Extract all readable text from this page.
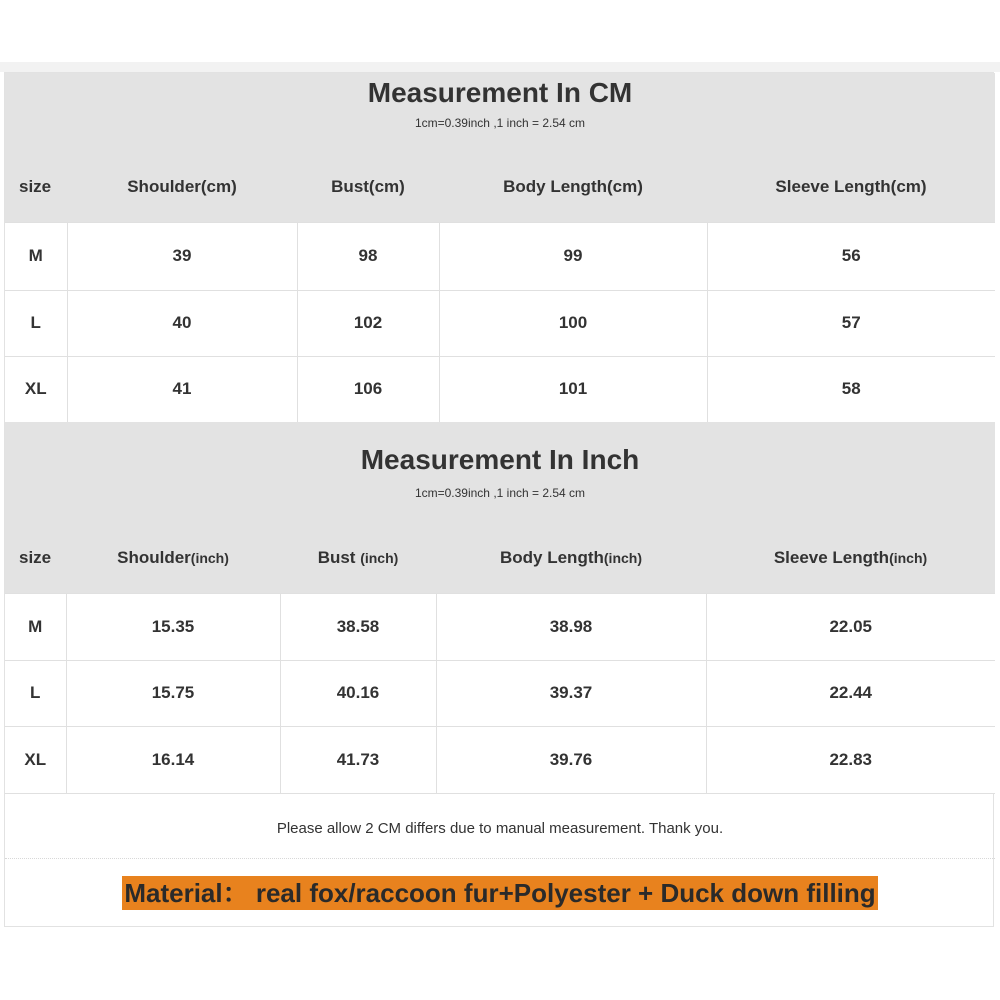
Measurement In CM
1cm=0.39inch ,1 inch = 2.54 cm
size	Shoulder(cm)	Bust(cm)	Body Length(cm)	Sleeve Length(cm)
M	39	98	99	56
L	40	102	100	57
XL	41	106	101	58
Measurement In Inch
1cm=0.39inch ,1 inch = 2.54 cm
size	Shoulder(inch)	Bust (inch)	Body Length(inch)	Sleeve Length(inch)
M	15.35	38.58	38.98	22.05
L	15.75	40.16	39.37	22.44
XL	16.14	41.73	39.76	22.83
Please allow 2 CM differs due to manual measurement. Thank you.
Material： real fox/raccoon fur+Polyester + Duck down filling
